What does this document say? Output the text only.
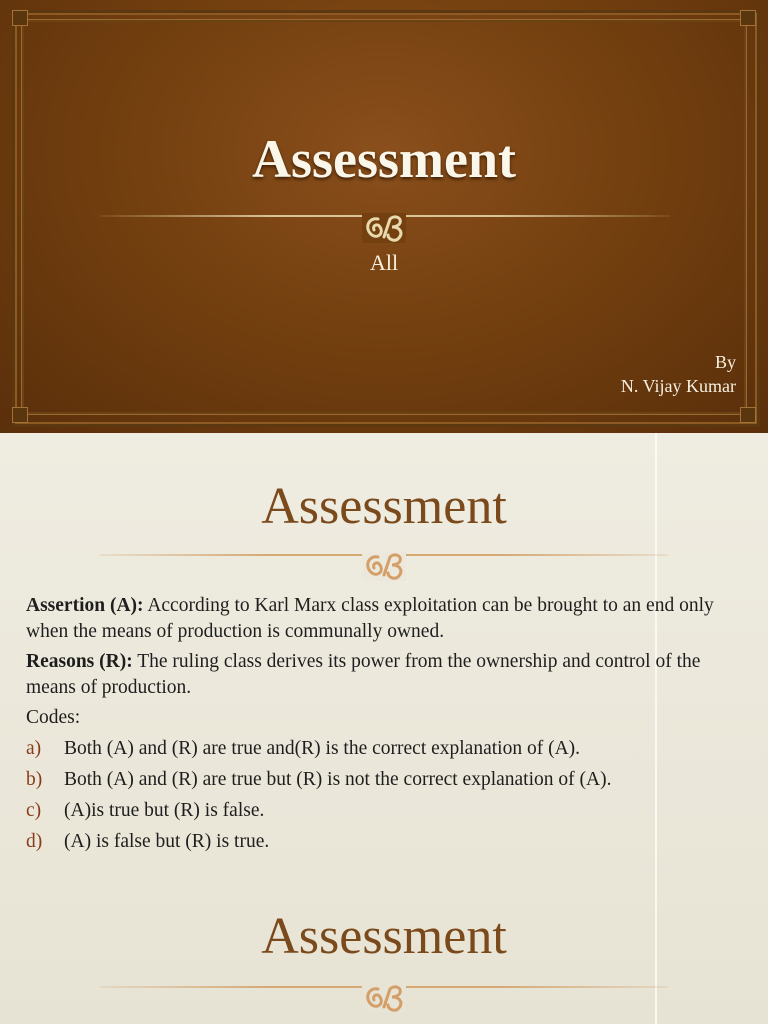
Assessment
All
By
N. Vijay Kumar
Assessment

Assertion (A): According to Karl Marx class exploitation can be brought to an end only when the means of production is communally owned.

Reasons (R): The ruling class derives its power from the ownership and control of the means of production.

Codes:

a)	Both (A) and (R) are true and(R) is the correct explanation of (A).
b)	Both (A) and (R) are true but (R) is not the correct explanation of (A).
c)	(A)is true but (R) is false.
d)	(A) is false but (R) is true.
Assessment
